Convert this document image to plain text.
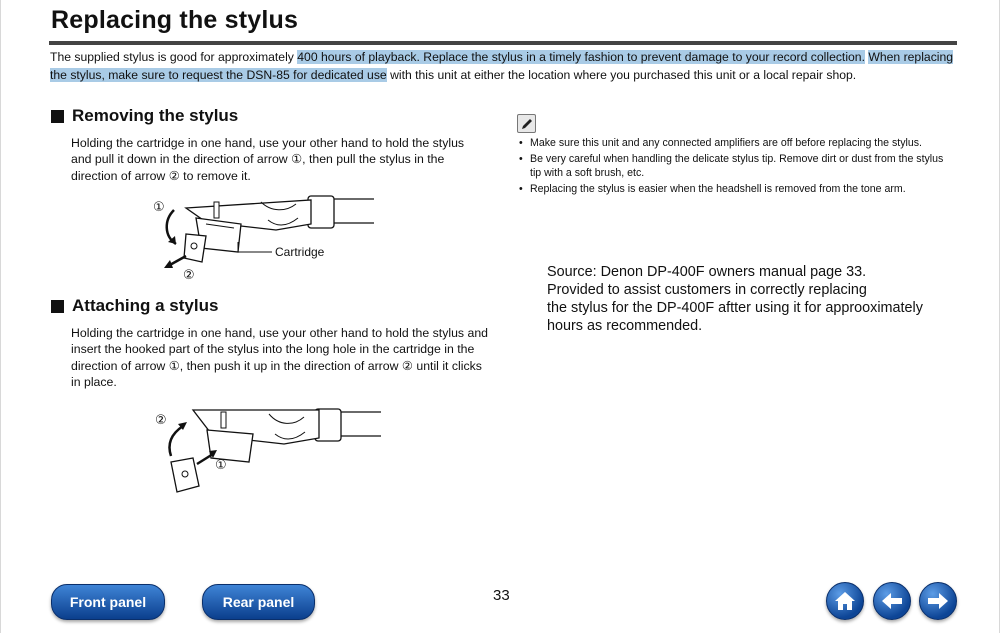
Replacing the stylus

The supplied stylus is good for approximately 400 hours of playback. Replace the stylus in a timely fashion to prevent damage to your record collection. When replacing the stylus, make sure to request the DSN-85 for dedicated use with this unit at either the location where you purchased this unit or a local repair shop.

Removing the stylus

Holding the cartridge in one hand, use your other hand to hold the stylus and pull it down in the direction of arrow ①, then pull the stylus in the direction of arrow ② to remove it.

Cartridge
①
②
Attaching a stylus

Holding the cartridge in one hand, use your other hand to hold the stylus and insert the hooked part of the stylus into the long hole in the cartridge in the direction of arrow ①, then push it up in the direction of arrow ② until it clicks in place.

②
①
• Make sure this unit and any connected amplifiers are off before replacing the stylus.
• Be very careful when handling the delicate stylus tip. Remove dirt or dust from the stylus tip with a soft brush, etc.
• Replacing the stylus is easier when the headshell is removed from the tone arm.
Source: Denon DP-400F owners manual page 33.
Provided to assist customers in correctly replacing
the stylus for the DP-400F aftter using it for approoximately
hours as recommended.
Front panel	Rear panel	33
